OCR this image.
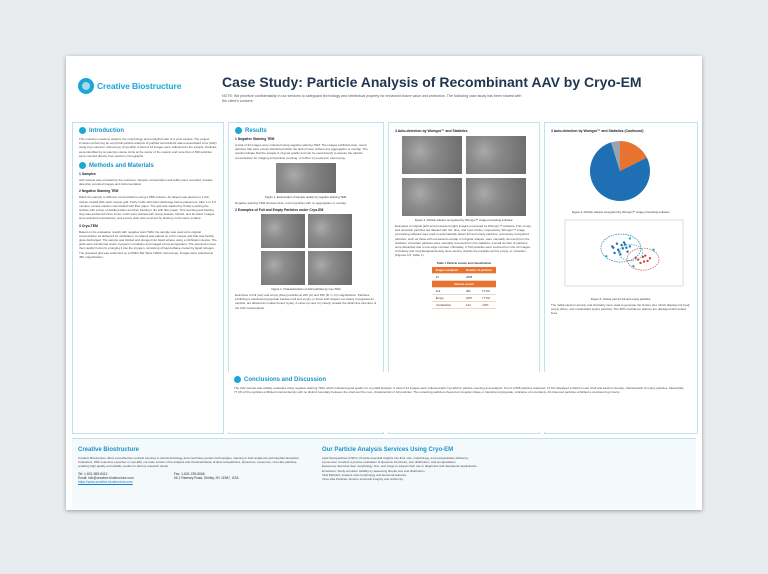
Creative Biostructure	Case Study: Particle Analysis of Recombinant AAV by Cryo-EM
NOTE: We prioritize confidentiality in our services to safeguard technology and intellectual property for enhanced future value and protection. The following case study has been shared with the client's consent.
Introduction
This customer needs to analyze the morphology and empty/full ratio of a virus sample. The project involves performing an empty/full particle analysis of purified recombinant adeno-associated virus (AAV) using Cryo-electron microscopy (Cryo-EM). A total of 44 images were collected for the sample. Particles were identified by an electron-dense circle at the center of the capsid, and more than 2,500 particles were counted directly from electron micrographs.
Methods and Materials
1 Samples
AAV sample was provided by the customer. Sample concentration and buffer were recorded. Greater detection provided images and instrumentation.
2 Negative Staining TEM
Dilute the sample to different concentrations using a PBS solution. An aliquot was placed on a thin, carbon-coated 200-mesh copper grid. Purify Grids with Glow discharge before placement. After 1 to 3.5 minutes, excess solution was blotted with filter paper. The grid was washed by briefly touching the surface with a drop of distilled water and then blotting it dry with filter paper. This touching and blotting step was performed three times. Grids were stained with uranyl acetate, blotted, and air-dried. Images were acquired successively, and excess stain was removed by blotting on the same surface.
3 Cryo-TEM
Based on the evaluation results with negative stain TEM, the sample was used at its original concentration as delivered for vitrification. An aliquot was placed on a thin copper grid that was freshly glow-discharged. The sample was blotted and plunged into liquid ethane using a vitrification device. The grids were transferred under cryogenic conditions and imaged at low temperature. The specimens were then rapidly frozen by plunging it into the cryogen, consisting of liquid ethane cooled by liquid nitrogen. The prepared grid was examined on a 200kV FEI Talos F200C microscope. Images were collected at 45K magnification.
Results
1 Negative Staining TEM
A total of 33 images were collected using negative staining TEM. The images exhibited clear, round particles that were evenly distributed within the field of view, without any aggregation or overlap. The results indicate that the sample is of good quality and can be used directly to acquire the particle concentration for imaging and particle counting, to further cryo-electron microscopy.
Figure 1. Examination of sample quality by negative staining TEM.
Negative staining TEM showed clear, round particles with no aggregation or overlap.
2 Examples of Full and Empty Particles under Cryo-EM
Figure 2. Characterization of AAV particles by cryo-TEM
Examples of full (red) and empty (blue) particles at 22K (A) and 45K (B, C, D) magnification. Particles exhibiting a transitional grayscale between full and empty, or those with shapes not clearly recognized as capsids, are labeled as undetermined (cyan). A close-up view (C) clearly reveals the distinctive structure of the AAV nucleocapsid.
3 Auto-detection by Womgro™ and Statistics
Figure 3. Particle classes recognized by Womgro™ image processing software.
Examples of original (left) and processed (right) images processed by Womgro™ software. Full, empty, and uncertain particles are labeled with red, blue, and cyan circles, respectively. Womgro™ image processing software was used to automatically detect full and empty particles, recursively recognized particles, such as those with occasional overlap or irregular shapes, were manually removed from the statistics. Uncertain particles were manually removed from the statistics. A small number of particles were discarded due to low edge contrast. Ultimately, 2,793 particles were counted from the 44 images. Circularity and morphological density were used to classify the particles as full, empty, or uncertain (Figures 4-5, Table 1).
Table 1 Particle counts and classification
Images analyzed	Number of particles	
44	2808	
Particle counts		
Full	482	17.6%
Empty	2257	77.6%
Unclassified	124	4.8%
3 Auto-detection by Womgro™ and Statistics (Continued)
Figure 4. Particle classes recognized by Womgro™ image processing software.
Figure 5. Cluster plot for full and empty particles.
The radial electron density and circularity were used to generate the cluster plot, which displays full (red), empty (blue), and unclassified (cyan) particles. The 95% confidence ellipses are displayed with dotted lines.
Conclusions and Discussion
The AAV sample was initially evaluated using negative staining TEM, which indicated good quality for cryo-EM analysis. A total of 44 images were collected with cryo-EM for particle counting and analysis. Out of 2,808 particles analyzed, 17.6% displayed a distinct outer shell and electron density, characteristic of empty particles. Meanwhile, 77.6% of the particles exhibited internal density with no distinct boundary between the shell and the core, characteristic of full particles. The remaining particles showed an irregular shape or transitional grayscale, indicative of uncertainty. All observed particles exhibited a consistent symmetry.
Creative Biostructure
Creative Biostructure offers cost-effective contract services in structural biology and membrane protein technologies, catering to both academic and biopharmaceutical institutions. With extensive expertise in cryo-EM, our team excels in the analysis and characterization of lipid nanoparticles, liposomes, exosomes, virus-like particles, enabling high-quality and reliable results for diverse research needs.
Tel: 1-631-559-8412
Email: info@creative-biostructure.com
https://www.creative-biostructure.com
Fax: 1-631-239-8066
45-1 Ramsey Road, Shirley, NY 11967, USA
Our Particle Analysis Services Using Cryo-EM
Lipid Nanoparticles (LNPs): Provide essential insights into their size, morphology, and encapsulation efficiency.
Liposomes: Conduct a precise evaluation of liposome structures, size distribution, and encapsulation.
Exosomes: Examine their morphology, size, and cargo to support their use in diagnostic and therapeutic applications.
Emulsions: Study emulsion stability by assessing droplet size and distribution.
Viral Particles: Analyze viral morphology and structural features.
Virus-Like Particles: Ensure structural integrity and uniformity.
